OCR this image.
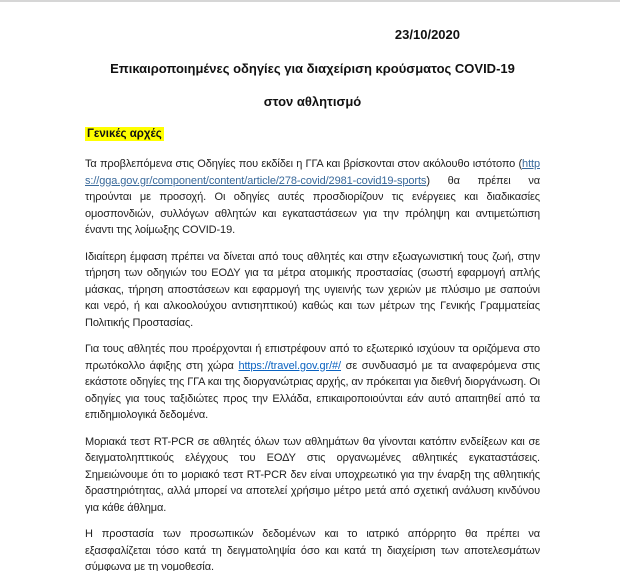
23/10/2020
Επικαιροποιημένες οδηγίες για διαχείριση κρούσματος COVID-19
στον αθλητισμό
Γενικές αρχές

Τα προβλεπόμενα στις Οδηγίες που εκδίδει η ΓΓΑ και βρίσκονται στον ακόλουθο ιστότοπο (https://gga.gov.gr/component/content/article/278-covid/2981-covid19-sports) θα πρέπει να τηρούνται με προσοχή. Οι οδηγίες αυτές προσδιορίζουν τις ενέργειες και διαδικασίες ομοσπονδιών, συλλόγων αθλητών και εγκαταστάσεων για την πρόληψη και αντιμετώπιση έναντι της λοίμωξης COVID-19.

Ιδιαίτερη έμφαση πρέπει να δίνεται από τους αθλητές και στην εξωαγωνιστική τους ζωή, στην τήρηση των οδηγιών του ΕΟΔΥ για τα μέτρα ατομικής προστασίας (σωστή εφαρμογή απλής μάσκας, τήρηση αποστάσεων και εφαρμογή της υγιεινής των χεριών με πλύσιμο με σαπούνι και νερό, ή και αλκοολούχου αντισηπτικού) καθώς και των μέτρων της Γενικής Γραμματείας Πολιτικής Προστασίας.

Για τους αθλητές που προέρχονται ή επιστρέφουν από το εξωτερικό ισχύουν τα οριζόμενα στο πρωτόκολλο άφιξης στη χώρα https://travel.gov.gr/#/ σε συνδυασμό με τα αναφερόμενα στις εκάστοτε οδηγίες της ΓΓΑ και της διοργανώτριας αρχής, αν πρόκειται για διεθνή διοργάνωση. Οι οδηγίες για τους ταξιδιώτες προς την Ελλάδα, επικαιροποιούνται εάν αυτό απαιτηθεί από τα επιδημιολογικά δεδομένα.

Μοριακά τεστ RT-PCR σε αθλητές όλων των αθλημάτων θα γίνονται κατόπιν ενδείξεων και σε δειγματοληπτικούς ελέγχους του ΕΟΔΥ στις οργανωμένες αθλητικές εγκαταστάσεις. Σημειώνουμε ότι το μοριακό τεστ RT-PCR δεν είναι υποχρεωτικό για την έναρξη της αθλητικής δραστηριότητας, αλλά μπορεί να αποτελεί χρήσιμο μέτρο μετά από σχετική ανάλυση κινδύνου για κάθε άθλημα.

Η προστασία των προσωπικών δεδομένων και το ιατρικό απόρρητο θα πρέπει να εξασφαλίζεται τόσο κατά τη δειγματοληψία όσο και κατά τη διαχείριση των αποτελεσμάτων σύμφωνα με τη νομοθεσία.
